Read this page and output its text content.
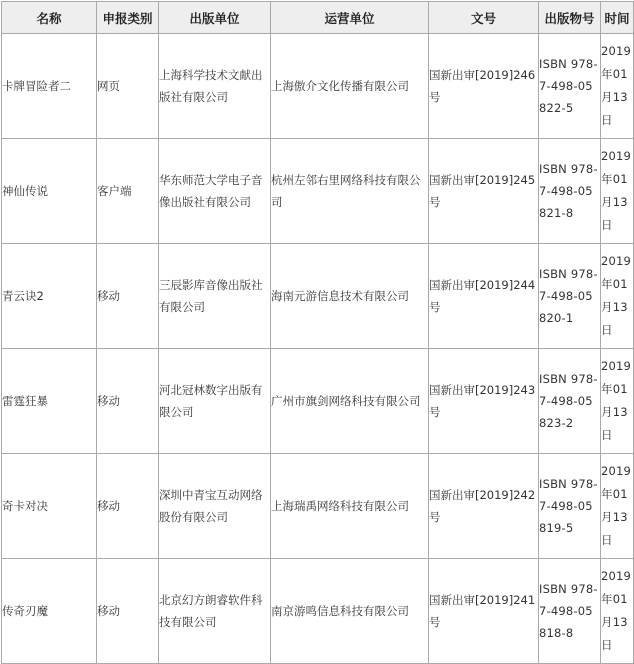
名称	申报类别	出版单位	运营单位	文号	出版物号	时间
卡牌冒险者二	网页	上海科学技术文献出版社有限公司	上海傲介文化传播有限公司	国新出审[2019]246号	ISBN 978-7-498-05822-5	2019年01月13日
神仙传说	客户端	华东师范大学电子音像出版社有限公司	杭州左邻右里网络科技有限公司	国新出审[2019]245号	ISBN 978-7-498-05821-8	2019年01月13日
青云诀2	移动	三辰影库音像出版社有限公司	海南元游信息技术有限公司	国新出审[2019]244号	ISBN 978-7-498-05820-1	2019年01月13日
雷霆狂暴	移动	河北冠林数字出版有限公司	广州市旗剑网络科技有限公司	国新出审[2019]243号	ISBN 978-7-498-05823-2	2019年01月13日
奇卡对决	移动	深圳中青宝互动网络股份有限公司	上海瑞禹网络科技有限公司	国新出审[2019]242号	ISBN 978-7-498-05819-5	2019年01月13日
传奇刃魔	移动	北京幻方朗睿软件科技有限公司	南京游鸣信息科技有限公司	国新出审[2019]241号	ISBN 978-7-498-05818-8	2019年01月13日
